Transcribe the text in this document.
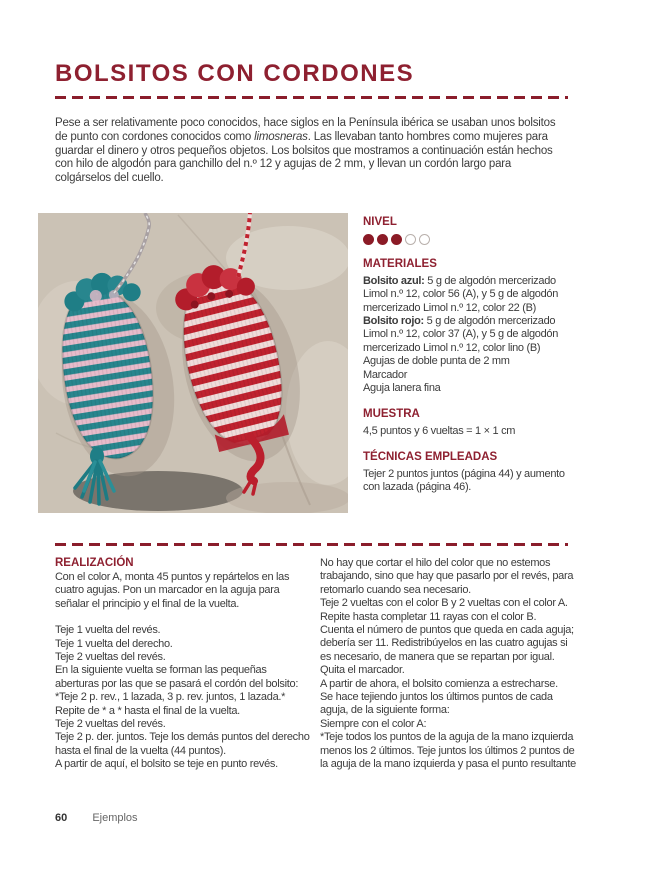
BOLSITOS CON CORDONES
Pese a ser relativamente poco conocidos, hace siglos en la Península ibérica se usaban unos bolsitos de punto con cordones conocidos como limosneras. Las llevaban tanto hombres como mujeres para guardar el dinero y otros pequeños objetos. Los bolsitos que mostramos a continuación están hechos con hilo de algodón para ganchillo del n.º 12 y agujas de 2 mm, y llevan un cordón largo para colgárselos del cuello.
NIVEL
MATERIALES
Bolsito azul: 5 g de algodón mercerizado Limol n.º 12, color 56 (A), y 5 g de algodón mercerizado Limol n.º 12, color 22 (B)
Bolsito rojo: 5 g de algodón mercerizado Limol n.º 12, color 37 (A), y 5 g de algodón mercerizado Limol n.º 12, color lino (B)
Agujas de doble punta de 2 mm
Marcador
Aguja lanera fina
MUESTRA
4,5 puntos y 6 vueltas = 1 × 1 cm
TÉCNICAS EMPLEADAS
Tejer 2 puntos juntos (página 44) y aumento con lazada (página 46).
REALIZACIÓN
Con el color A, monta 45 puntos y repártelos en las cuatro agujas. Pon un marcador en la aguja para señalar el principio y el final de la vuelta.
Teje 1 vuelta del revés.
Teje 1 vuelta del derecho.
Teje 2 vueltas del revés.
En la siguiente vuelta se forman las pequeñas aberturas por las que se pasará el cordón del bolsito:
*Teje 2 p. rev., 1 lazada, 3 p. rev. juntos, 1 lazada.* Repite de * a * hasta el final de la vuelta.
Teje 2 vueltas del revés.
Teje 2 p. der. juntos. Teje los demás puntos del derecho hasta el final de la vuelta (44 puntos).
A partir de aquí, el bolsito se teje en punto revés.
No hay que cortar el hilo del color que no estemos trabajando, sino que hay que pasarlo por el revés, para retomarlo cuando sea necesario.
Teje 2 vueltas con el color B y 2 vueltas con el color A.
Repite hasta completar 11 rayas con el color B.
Cuenta el número de puntos que queda en cada aguja; debería ser 11. Redistribúyelos en las cuatro agujas si es necesario, de manera que se repartan por igual.
Quita el marcador.
A partir de ahora, el bolsito comienza a estrecharse.
Se hace tejiendo juntos los últimos puntos de cada aguja, de la siguiente forma:
Siempre con el color A:
*Teje todos los puntos de la aguja de la mano izquierda menos los 2 últimos. Teje juntos los últimos 2 puntos de la aguja de la mano izquierda y pasa el punto resultante
60 Ejemplos
